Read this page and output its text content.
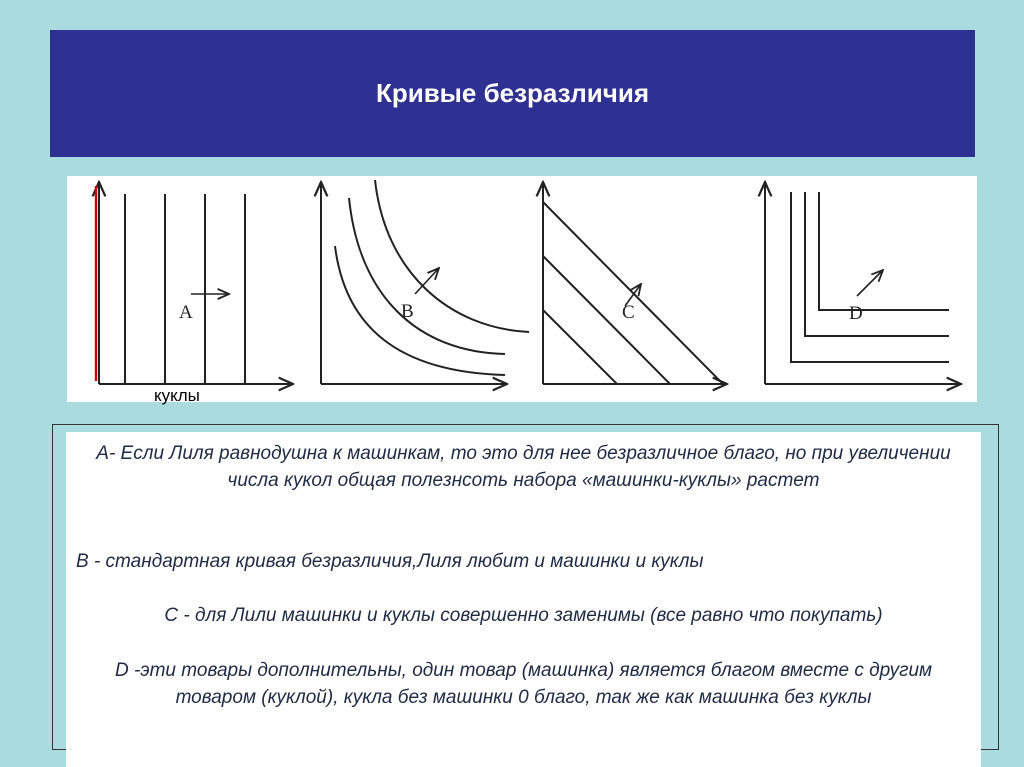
Кривые безразличия
A	B	C	D
куклы

А- Если Лиля равнодушна к машинкам, то это для нее безразличное благо, но при увеличении числа кукол общая полезнсоть набора «машинки-куклы» растет

B - стандартная кривая безразличия,Лиля любит и машинки и куклы

С - для Лили машинки и куклы совершенно заменимы (все равно что покупать)

D -эти товары дополнительны, один товар (машинка) является благом вместе с другим товаром (куклой), кукла без машинки 0 благо, так же как машинка без куклы
